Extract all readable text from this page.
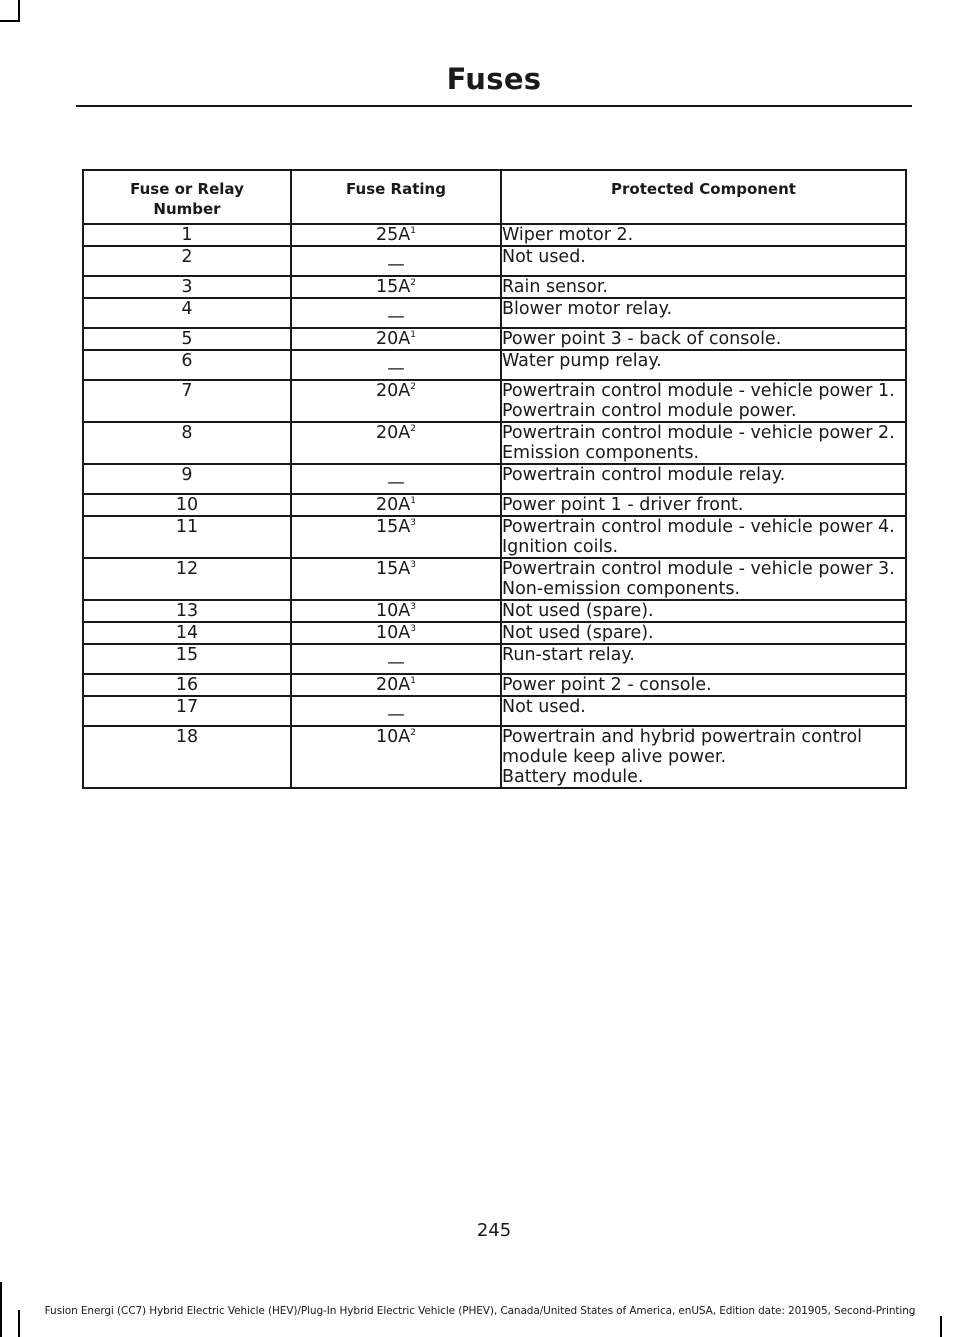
Fuses
Fuse or Relay Number	Fuse Rating	Protected Component
1	$25A^1$	Wiper motor 2.

2	—	Not used.

3	$15A^2$	Rain sensor.

4	—	Blower motor relay.

5	$20A^1$	Power point 3 - back of console.

6	—	Water pump relay.

7	$20A^2$	Powertrain control module - vehicle power 1.
Powertrain control module power.

8	$20A^2$	Powertrain control module - vehicle power 2.
Emission components.

9	—	Powertrain control module relay.

10	$20A^1$	Power point 1 - driver front.

11	$15A^3$	Powertrain control module - vehicle power 4.
Ignition coils.

12	$15A^3$	Powertrain control module - vehicle power 3.
Non-emission components.

13	$10A^3$	Not used (spare).

14	$10A^3$	Not used (spare).

15	—	Run-start relay.

16	$20A^1$	Power point 2 - console.

17	—	Not used.

18	$10A^2$	Powertrain and hybrid powertrain control module keep alive power.
Battery module.
245
Fusion Energi (CC7) Hybrid Electric Vehicle (HEV)/Plug-In Hybrid Electric Vehicle (PHEV), Canada/United States of America, enUSA, Edition date: 201905, Second-Printing
